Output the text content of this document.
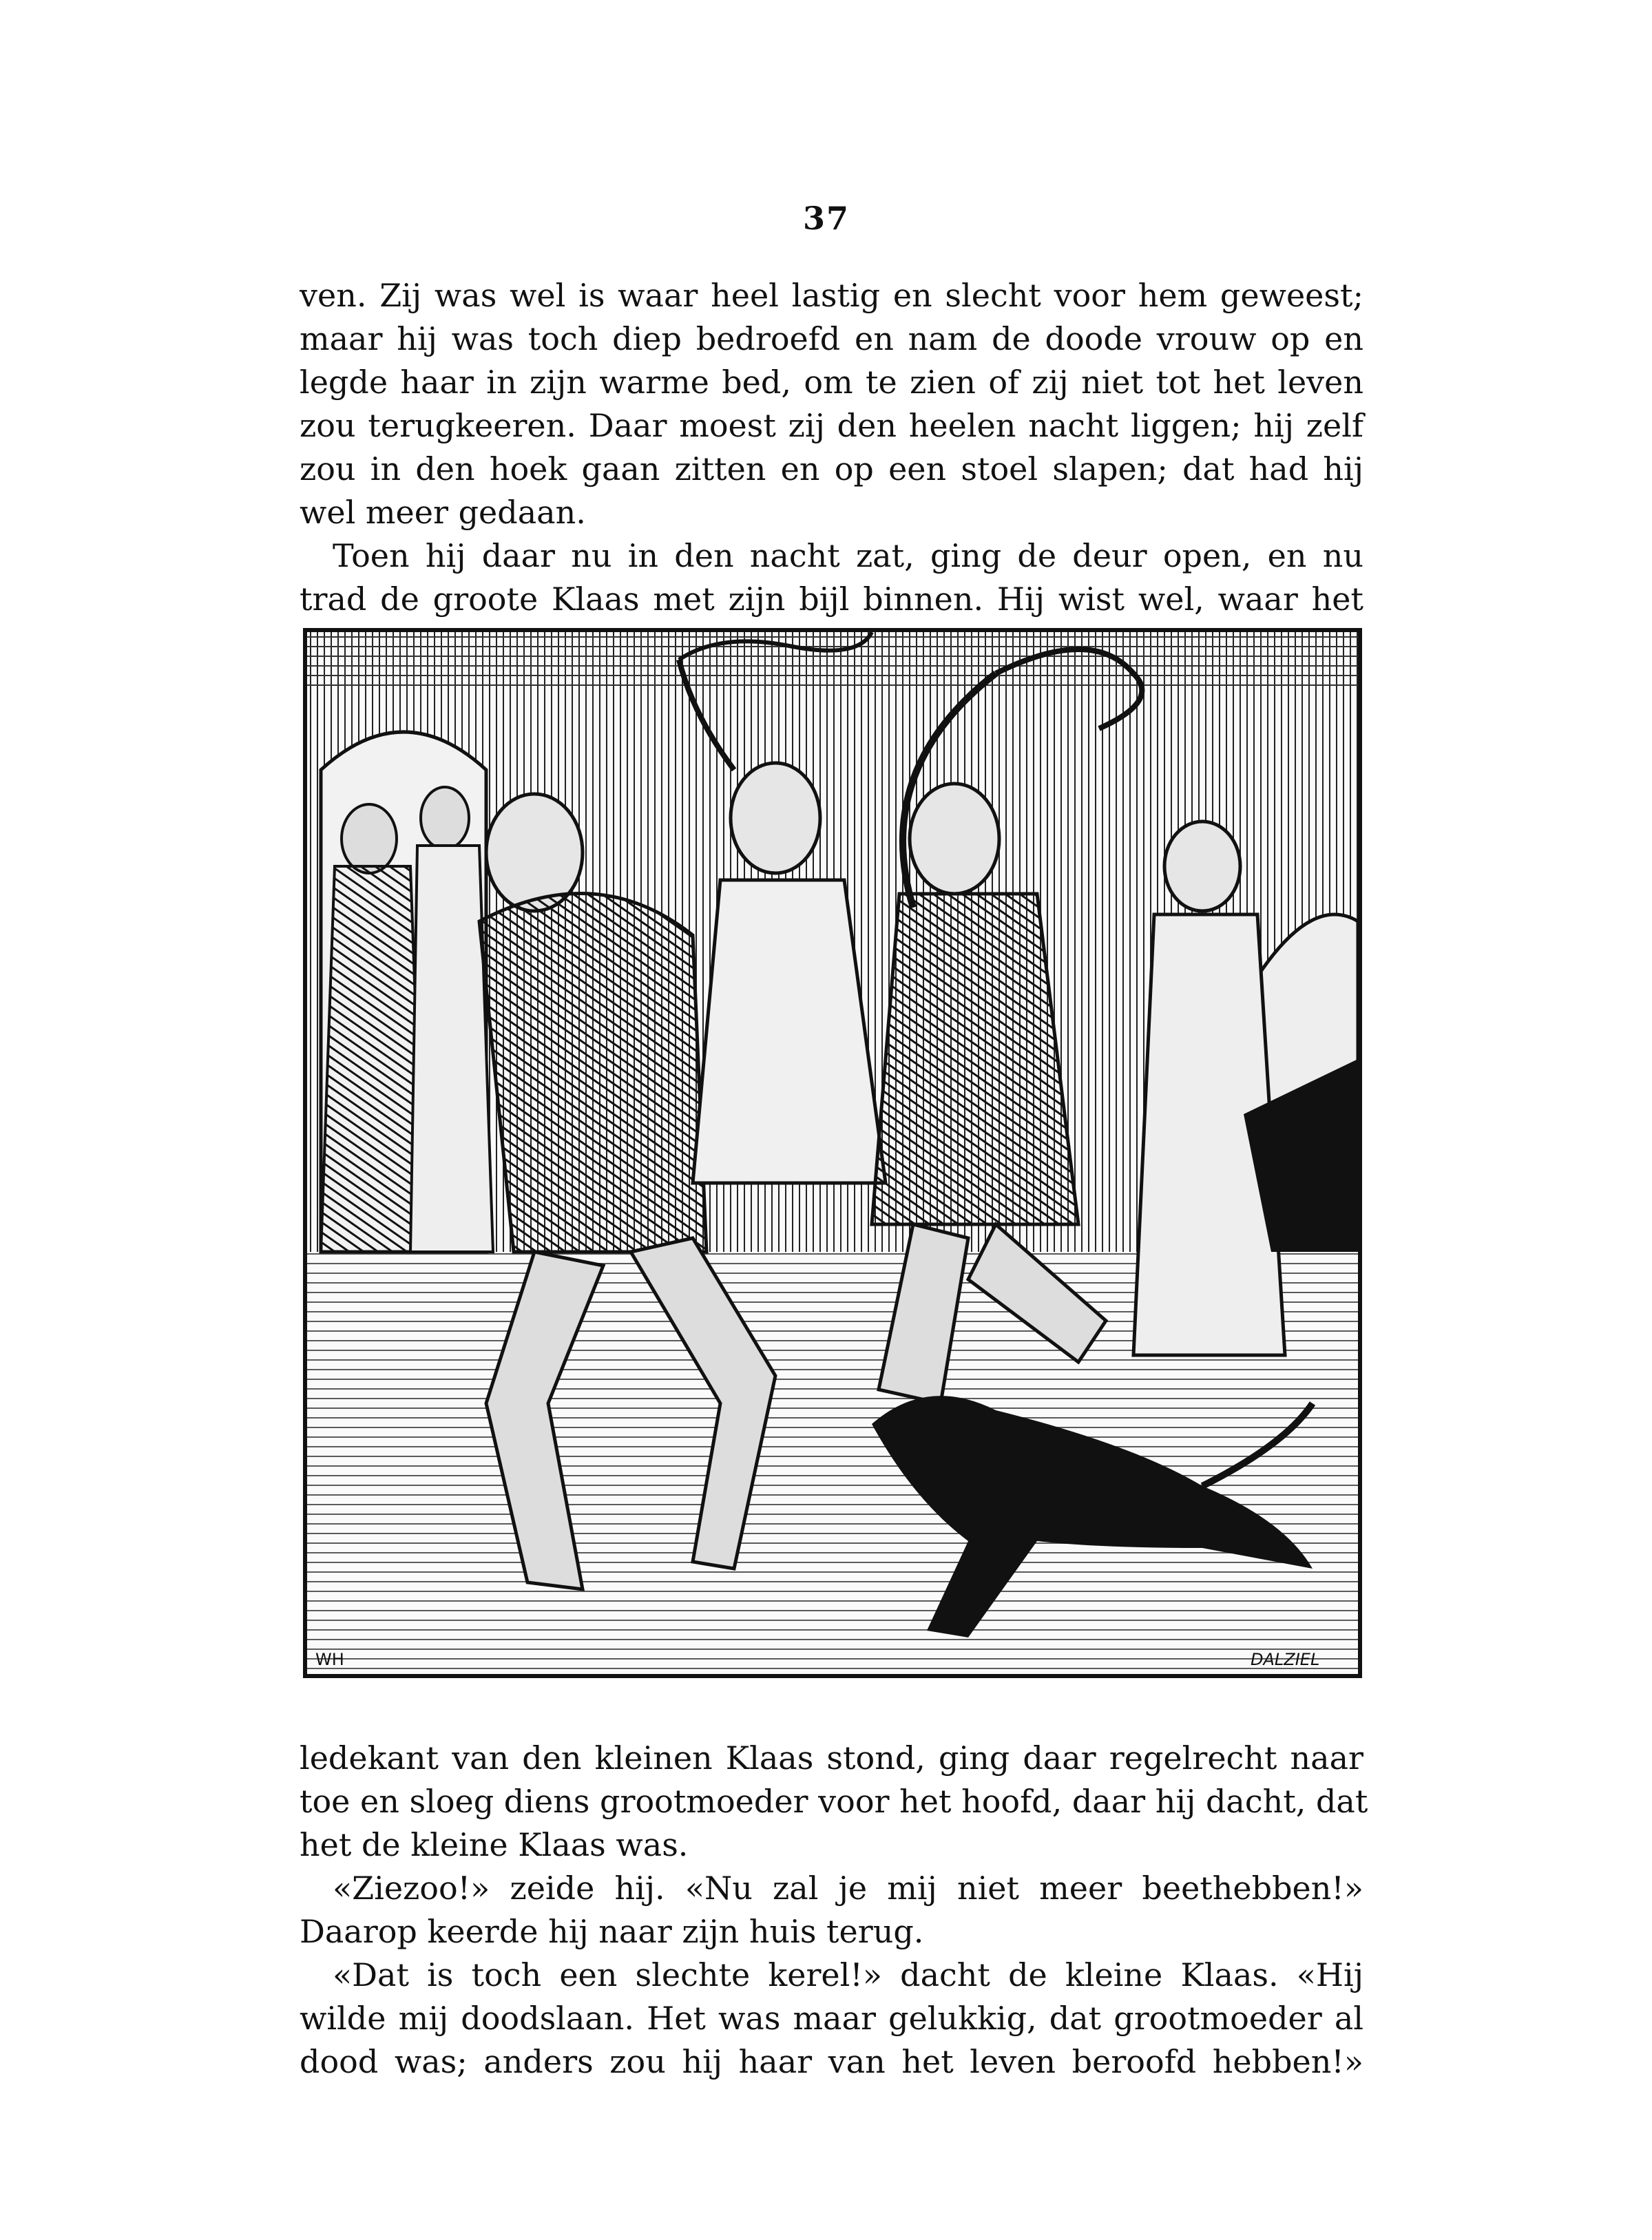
37
ven. Zij was wel is waar heel lastig en slecht voor hem geweest;
maar hij was toch diep bedroefd en nam de doode vrouw op en
legde haar in zijn warme bed, om te zien of zij niet tot het leven
zou terugkeeren. Daar moest zij den heelen nacht liggen; hij zelf
zou in den hoek gaan zitten en op een stoel slapen; dat had hij
wel meer gedaan.
Toen hij daar nu in den nacht zat, ging de deur open, en nu
trad de groote Klaas met zijn bijl binnen. Hij wist wel, waar het
WH	DALZIEL
ledekant van den kleinen Klaas stond, ging daar regelrecht naar
toe en sloeg diens grootmoeder voor het hoofd, daar hij dacht, dat
het de kleine Klaas was.
«Ziezoo!» zeide hij. «Nu zal je mij niet meer beethebben!»
Daarop keerde hij naar zijn huis terug.
«Dat is toch een slechte kerel!» dacht de kleine Klaas. «Hij
wilde mij doodslaan. Het was maar gelukkig, dat grootmoeder al
dood was; anders zou hij haar van het leven beroofd hebben!»
